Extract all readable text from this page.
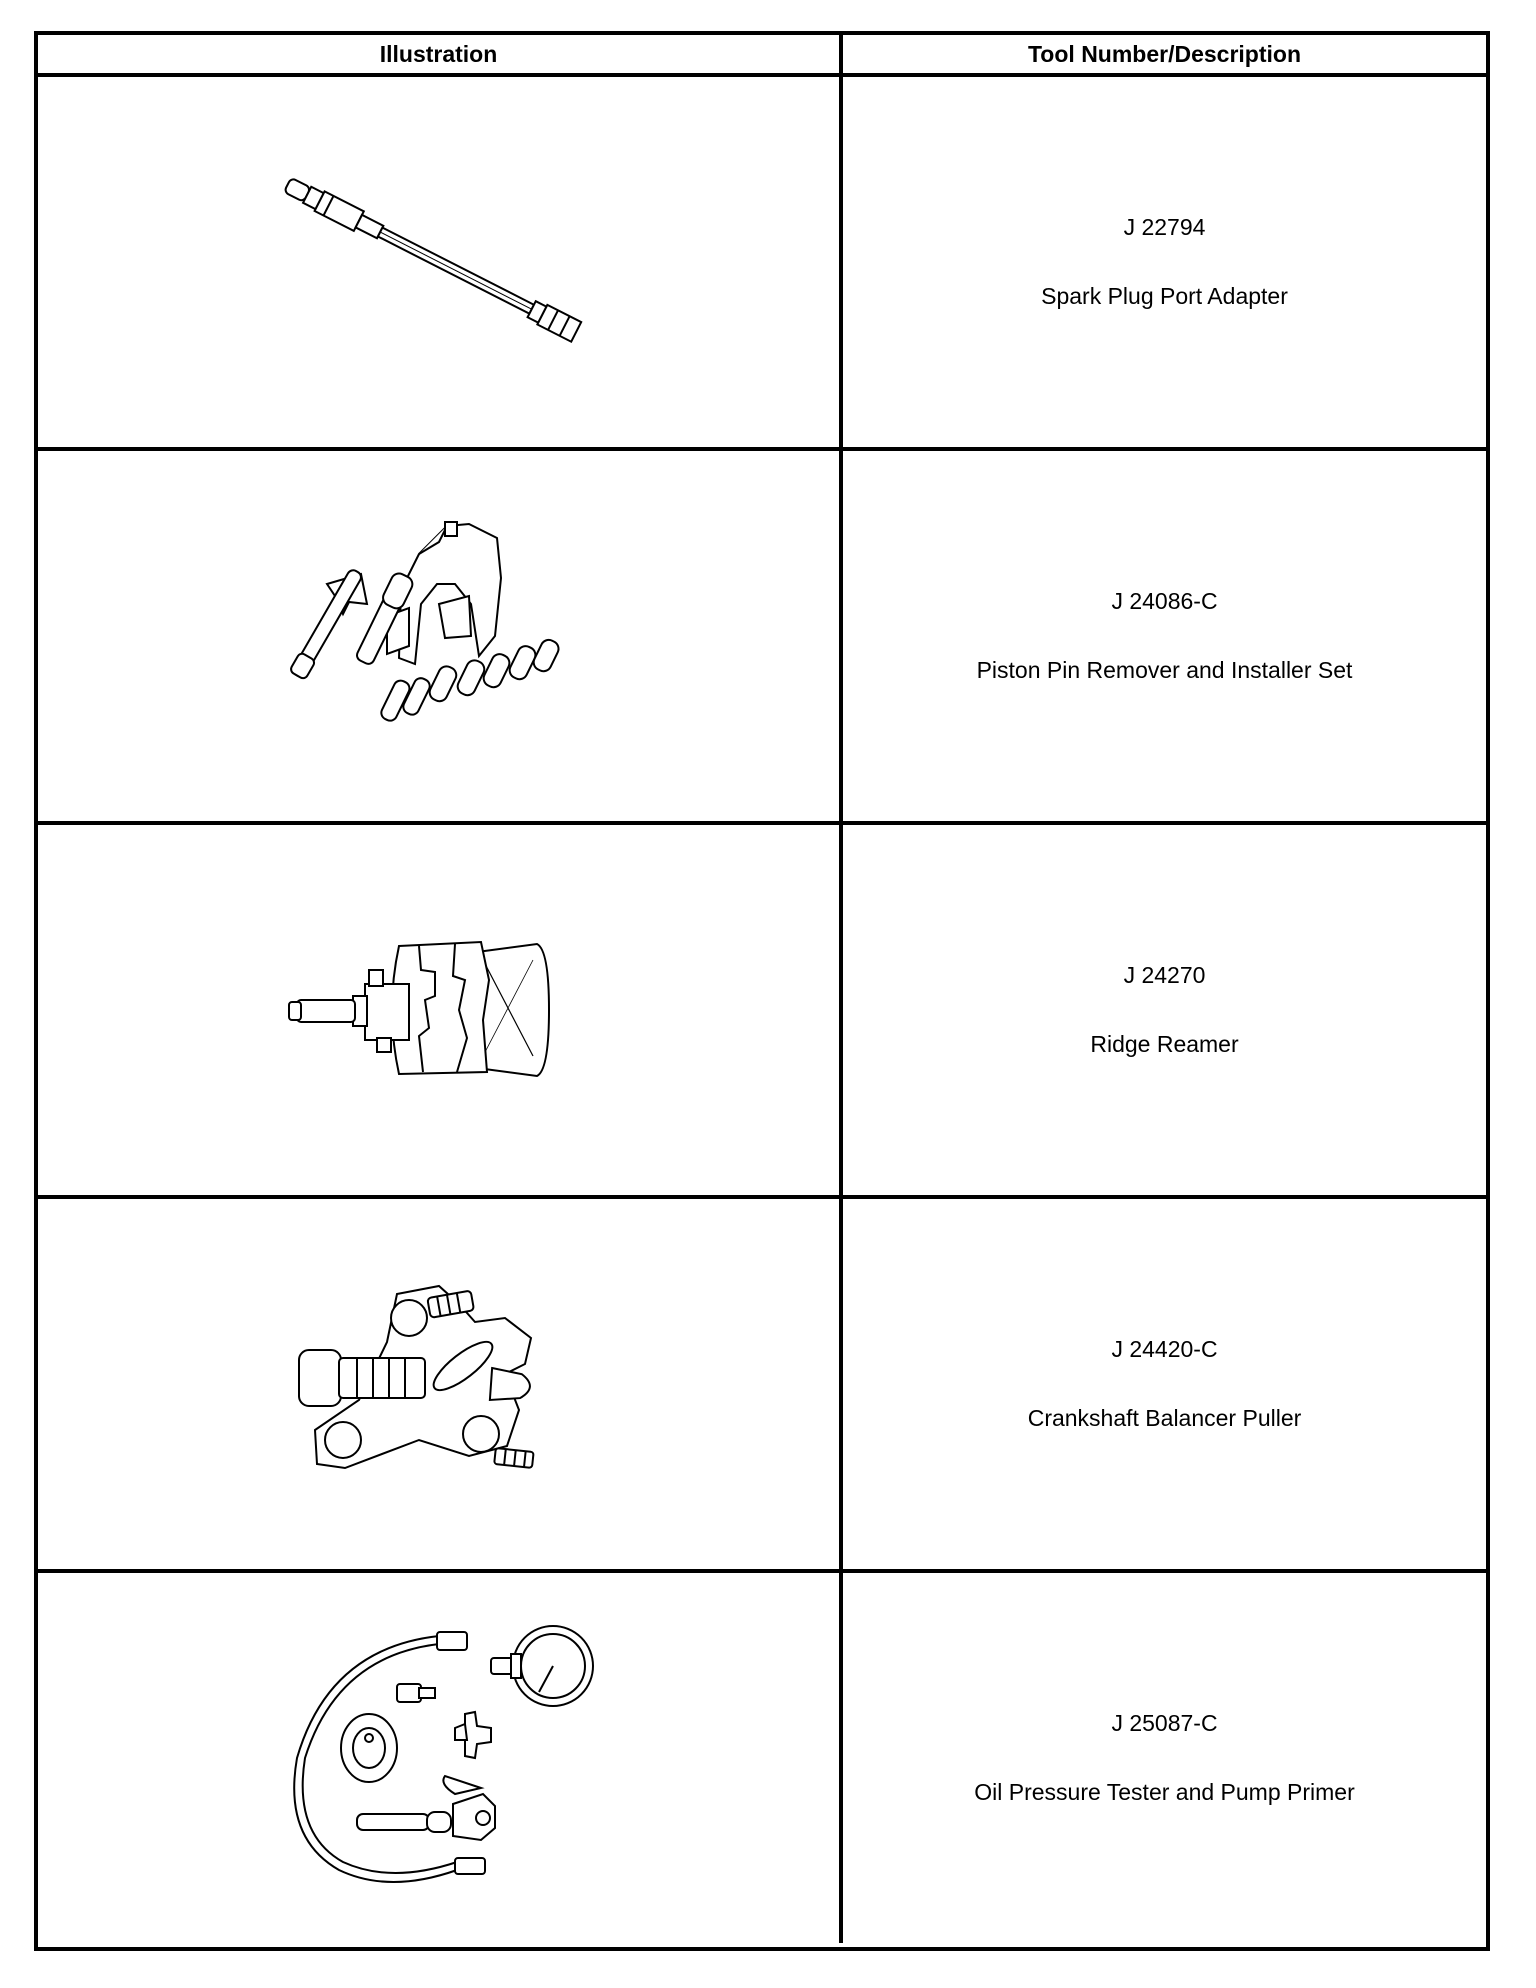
Illustration	Tool Number/Description
J 22794
Spark Plug Port Adapter
J 24086-C
Piston Pin Remover and Installer Set
J 24270
Ridge Reamer
J 24420-C
Crankshaft Balancer Puller
J 25087-C
Oil Pressure Tester and Pump Primer
